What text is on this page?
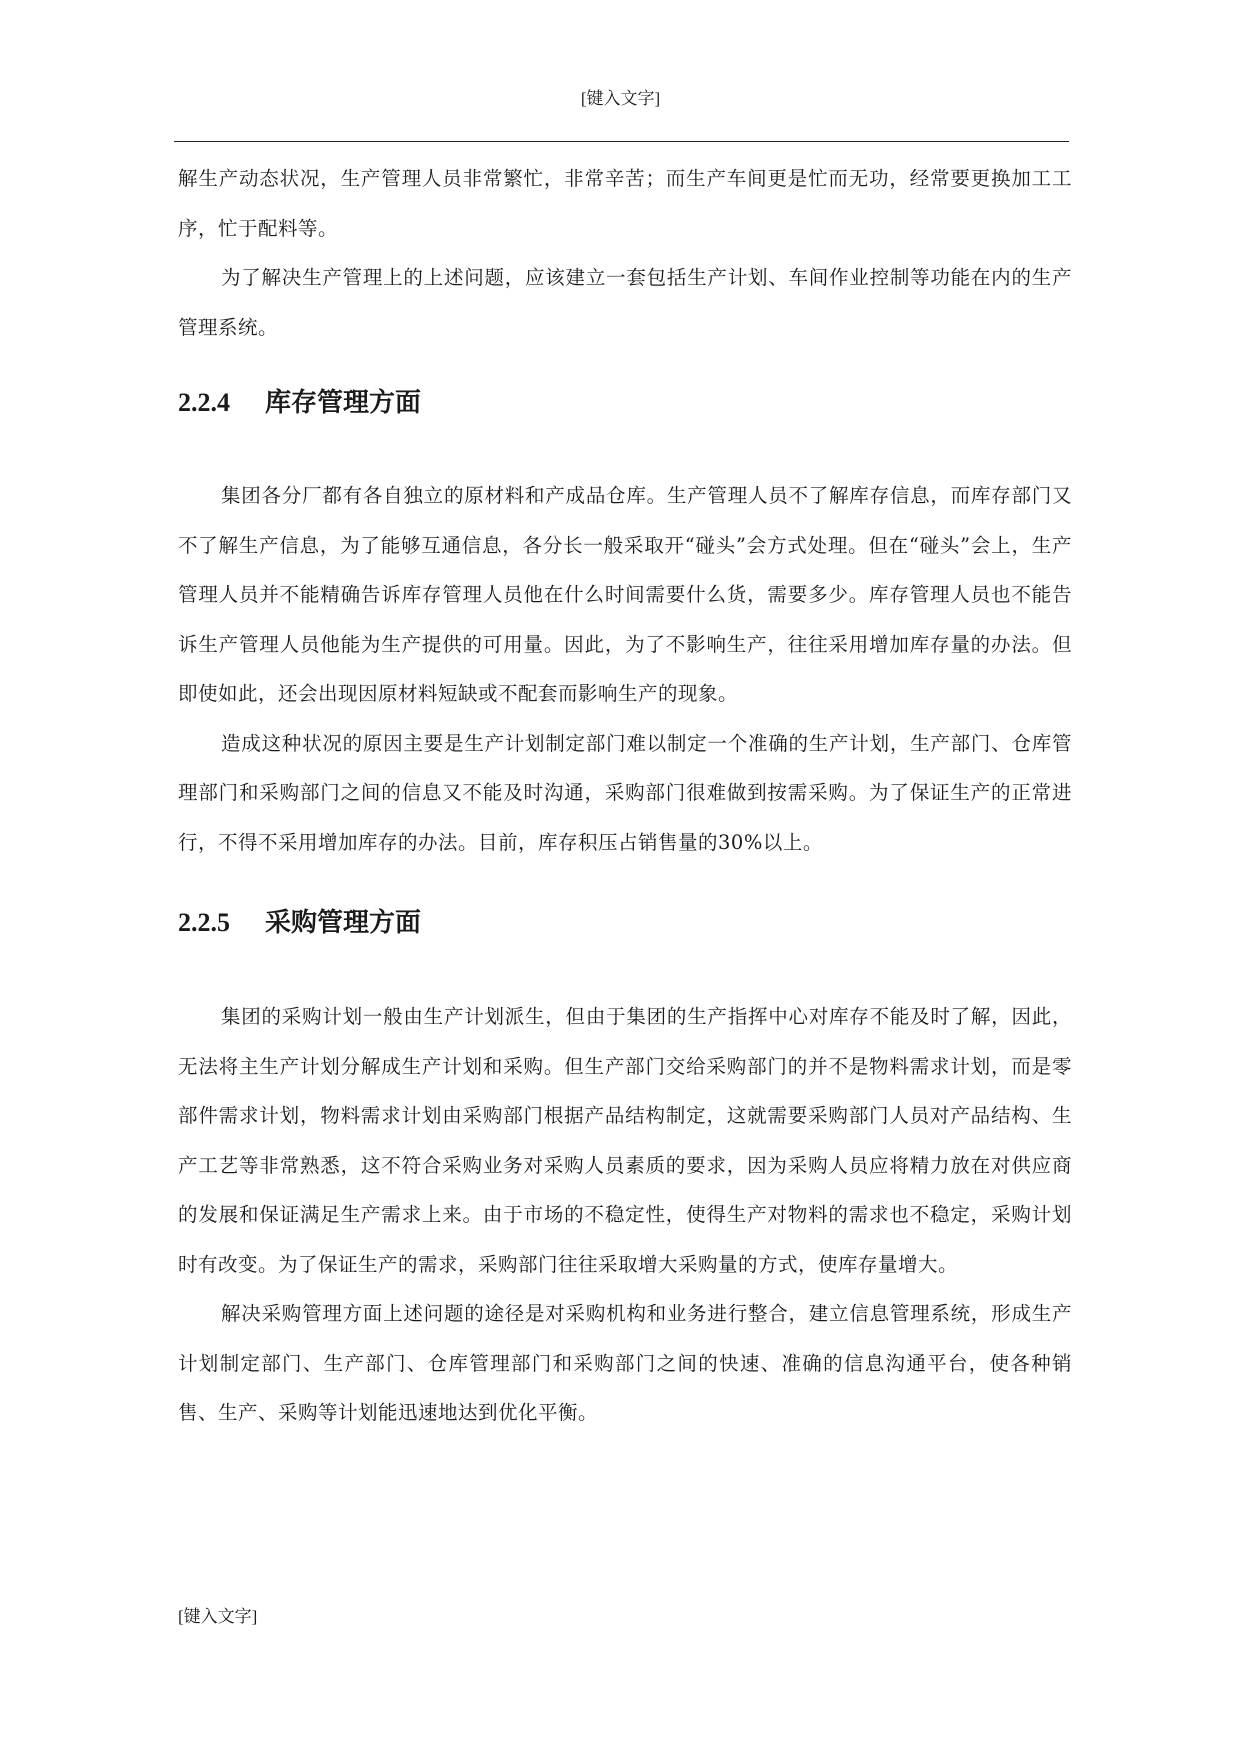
[键入文字]

解生产动态状况，生产管理人员非常繁忙，非常辛苦；而生产车间更是忙而无功，经常要更换加工工序，忙于配料等。

为了解决生产管理上的上述问题，应该建立一套包括生产计划、车间作业控制等功能在内的生产管理系统。

2.2.4 库存管理方面

集团各分厂都有各自独立的原材料和产成品仓库。生产管理人员不了解库存信息，而库存部门又不了解生产信息，为了能够互通信息，各分长一般采取开“碰头”会方式处理。但在“碰头”会上，生产管理人员并不能精确告诉库存管理人员他在什么时间需要什么货，需要多少。库存管理人员也不能告诉生产管理人员他能为生产提供的可用量。因此，为了不影响生产，往往采用增加库存量的办法。但即使如此，还会出现因原材料短缺或不配套而影响生产的现象。

造成这种状况的原因主要是生产计划制定部门难以制定一个准确的生产计划，生产部门、仓库管理部门和采购部门之间的信息又不能及时沟通，采购部门很难做到按需采购。为了保证生产的正常进行，不得不采用增加库存的办法。目前，库存积压占销售量的30%以上。

2.2.5 采购管理方面

集团的采购计划一般由生产计划派生，但由于集团的生产指挥中心对库存不能及时了解，因此，无法将主生产计划分解成生产计划和采购。但生产部门交给采购部门的并不是物料需求计划，而是零部件需求计划，物料需求计划由采购部门根据产品结构制定，这就需要采购部门人员对产品结构、生产工艺等非常熟悉，这不符合采购业务对采购人员素质的要求，因为采购人员应将精力放在对供应商的发展和保证满足生产需求上来。由于市场的不稳定性，使得生产对物料的需求也不稳定，采购计划时有改变。为了保证生产的需求，采购部门往往采取增大采购量的方式，使库存量增大。

解决采购管理方面上述问题的途径是对采购机构和业务进行整合，建立信息管理系统，形成生产计划制定部门、生产部门、仓库管理部门和采购部门之间的快速、准确的信息沟通平台，使各种销售、生产、采购等计划能迅速地达到优化平衡。

[键入文字]
